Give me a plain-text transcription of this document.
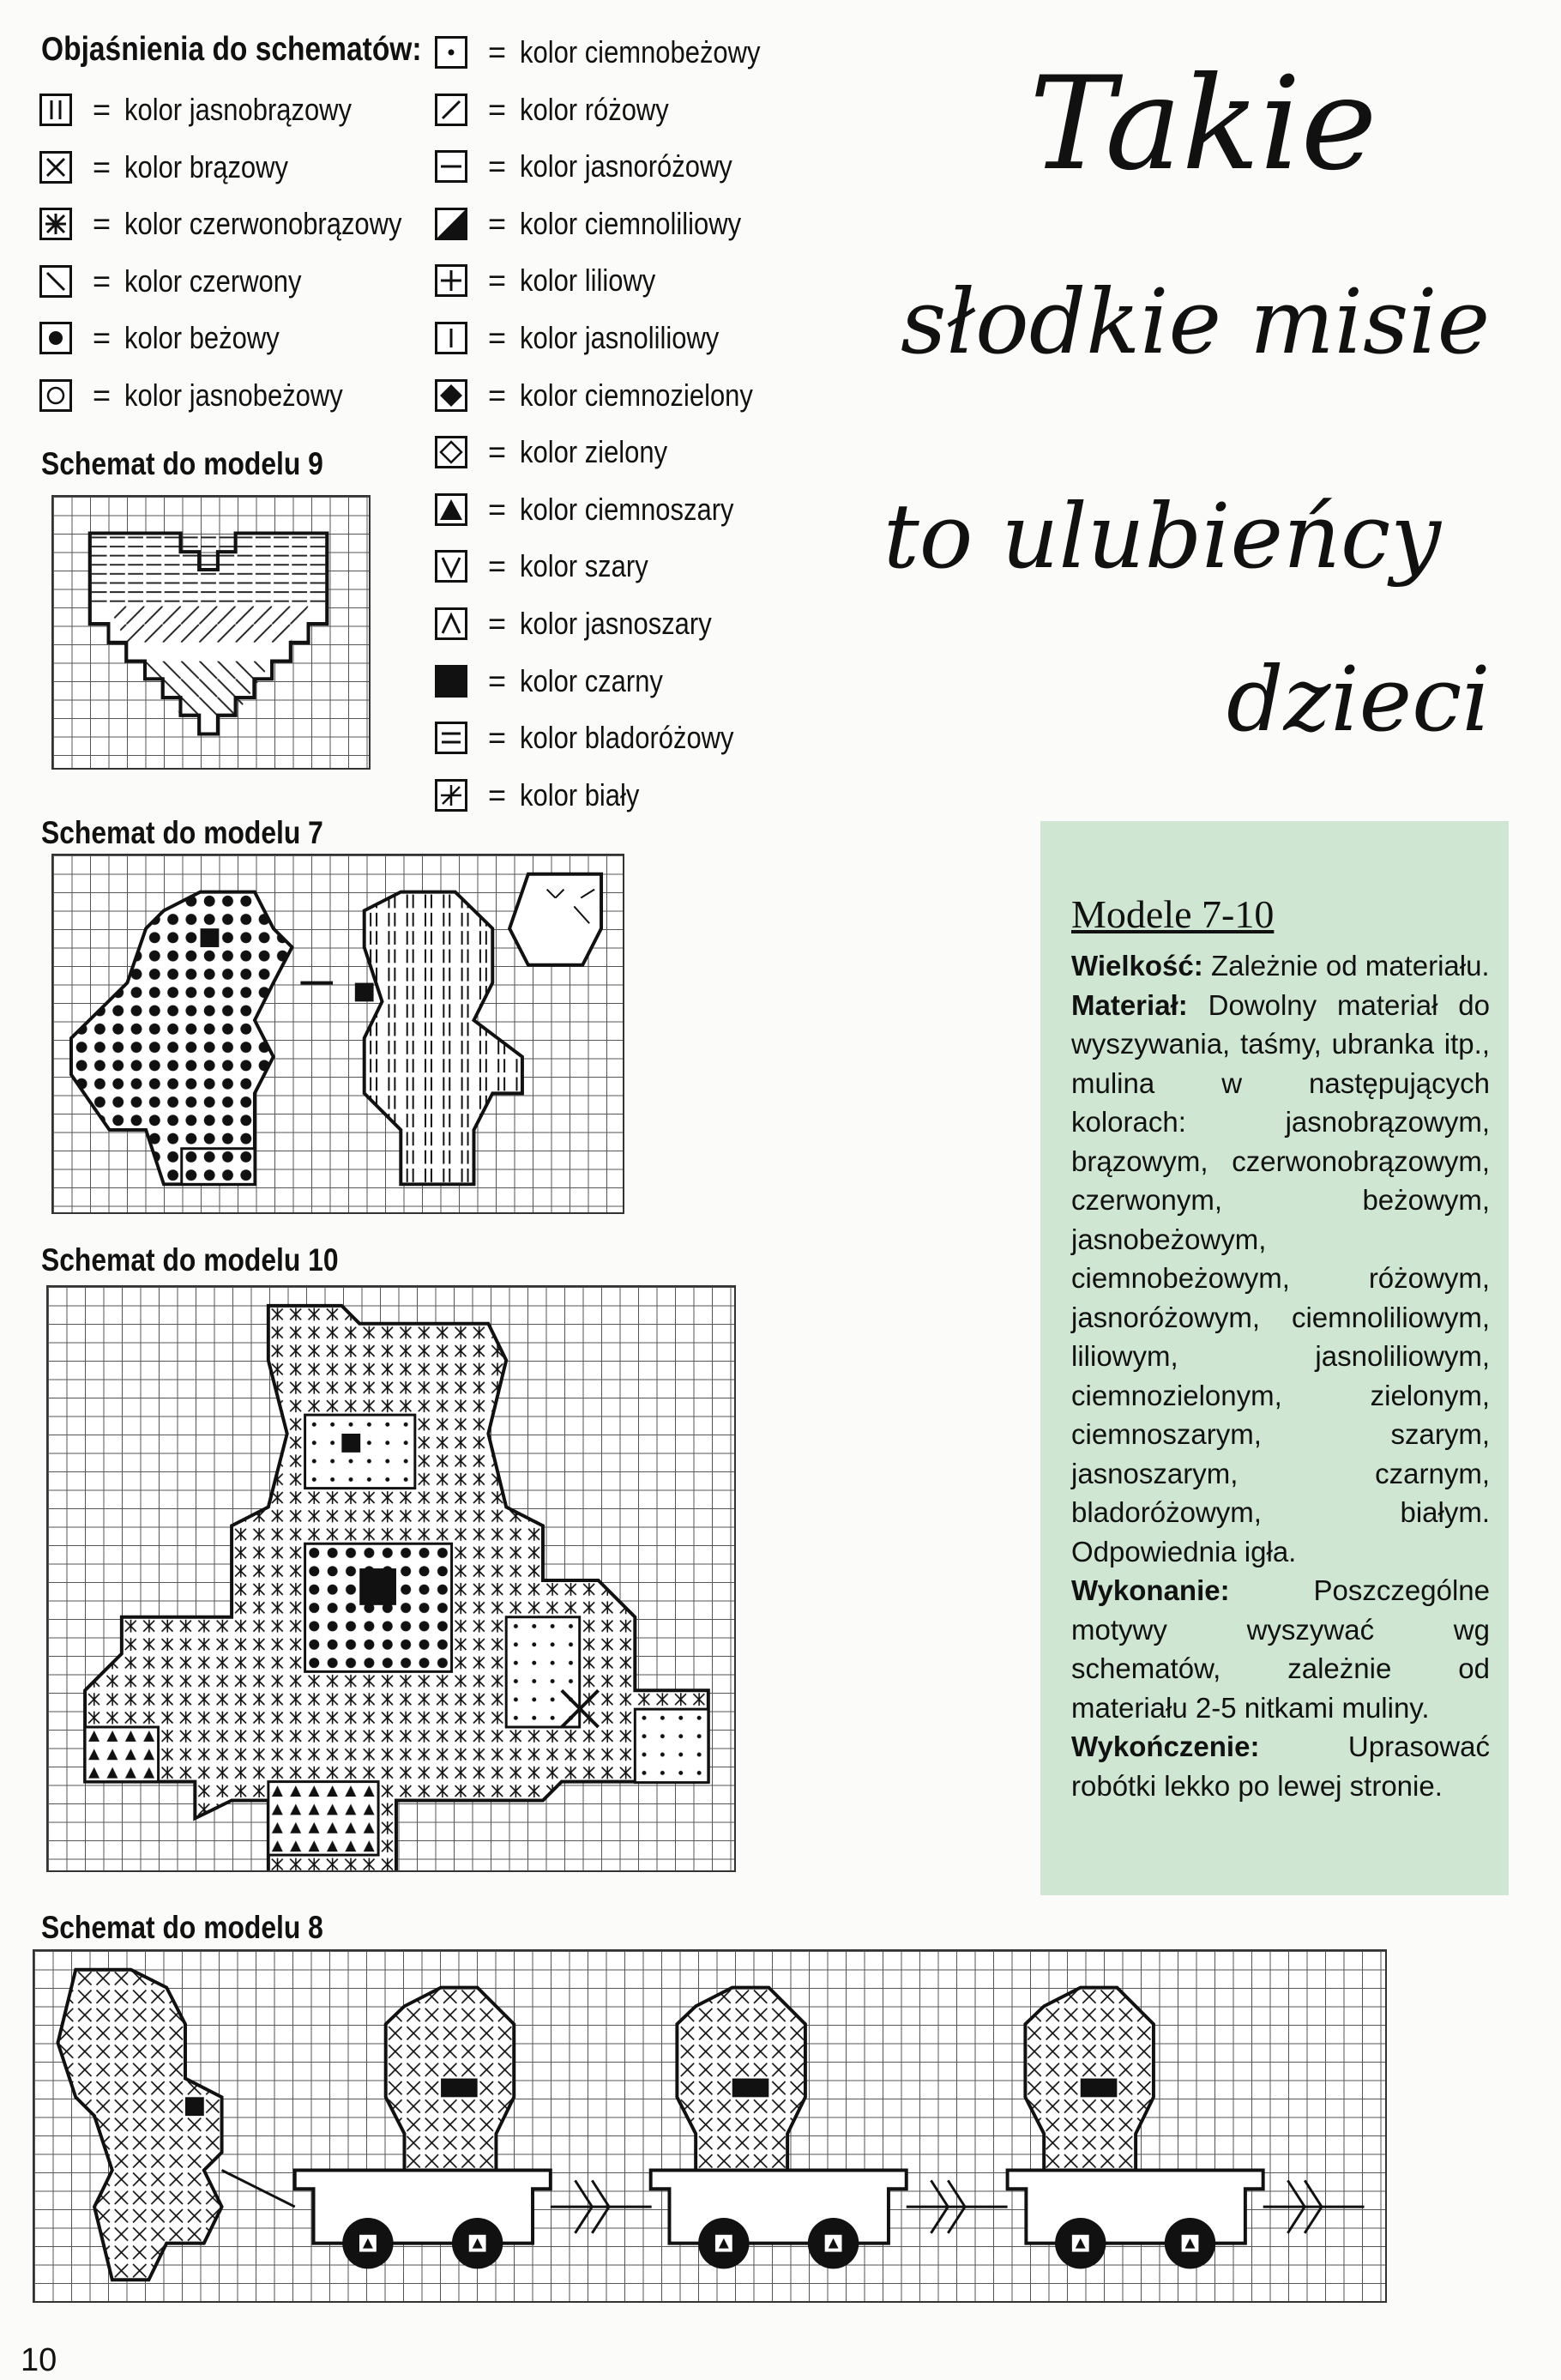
Objaśnienia do schematów:
= kolor jasnobrązowy
= kolor brązowy
= kolor czerwonobrązowy
= kolor czerwony
= kolor beżowy
= kolor jasnobeżowy
= kolor ciemnobeżowy
= kolor różowy
= kolor jasnoróżowy
= kolor ciemnoliliowy
= kolor liliowy
= kolor jasnoliliowy
= kolor ciemnozielony
= kolor zielony
= kolor ciemnoszary
= kolor szary
= kolor jasnoszary
= kolor czarny
= kolor bladoróżowy
= kolor biały
Schemat do modelu 9
Schemat do modelu 7
Schemat do modelu 10
Schemat do modelu 8
Takie
słodkie misie
to ulubieńcy
dzieci
Modele 7-10
Wielkość: Zależnie od materiału.
Materiał: Dowolny materiał do wyszywania, taśmy, ubranka itp., mulina w następujących kolorach: jasnobrązowym, brązowym, czerwonobrązowym, czerwonym, beżowym, jasnobeżowym, ciemnobeżowym, różowym, jasnoróżowym, ciemnoliliowym, liliowym, jasnoliliowym, ciemnozielonym, zielonym, ciemnoszarym, szarym, jasnoszarym, czarnym, bladoróżowym, białym. Odpowiednia igła.
Wykonanie:	Poszczególne motywy wyszywać wg schematów, zależnie od materiału 2-5 nitkami muliny.
Wykończenie:	Uprasować robótki lekko po lewej stronie.
10
